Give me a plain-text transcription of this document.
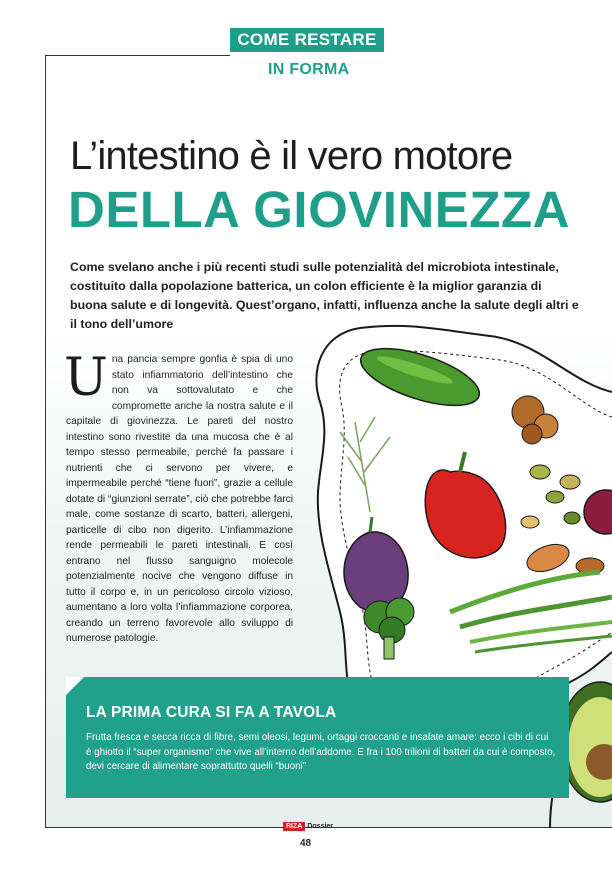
COME RESTARE
IN FORMA
L’intestino è il vero motore
DELLA GIOVINEZZA
Come svelano anche i più recenti studi sulle potenzialità del microbiota intestinale, costituito dalla popolazione batterica, un colon efficiente è la miglior garanzia di buona salute e di longevità. Quest’organo, infatti, influenza anche la salute degli altri e il tono dell’umore
U na pancia sempre gonfia è spia di uno stato infiammatorio dell’intestino che non va sottovalutato e che compromette anche la nostra salute e il capitale di giovinezza. Le pareti del nostro intestino sono rivestite da una mucosa che è al tempo stesso permeabile, perché fa passare i nutrienti che ci servono per vivere, e impermeabile perché “tiene fuori”, grazie a cellule dotate di “giunzioni serrate”, ciò che potrebbe farci male, come sostanze di scarto, batteri, allergeni, particelle di cibo non digerito. L’infiammazione rende permeabili le pareti intestinali. E così entrano nel flusso sanguigno molecole potenzialmente nocive che vengono diffuse in tutto il corpo e, in un pericoloso circolo vizioso, aumentano a loro volta l’infiammazione corporea, creando un terreno favorevole allo sviluppo di numerose patologie.
LA PRIMA CURA SI FA A TAVOLA
Frutta fresca e secca ricca di fibre, semi oleosi, legumi, ortaggi croccanti e insalate amare: ecco i cibi di cui è ghiotto il “super organismo” che vive all’interno dell’addome. E fra i 100 trilioni di batteri da cui è composto, devi cercare di alimentare soprattutto quelli “buoni”
RIZA Dossier
48
